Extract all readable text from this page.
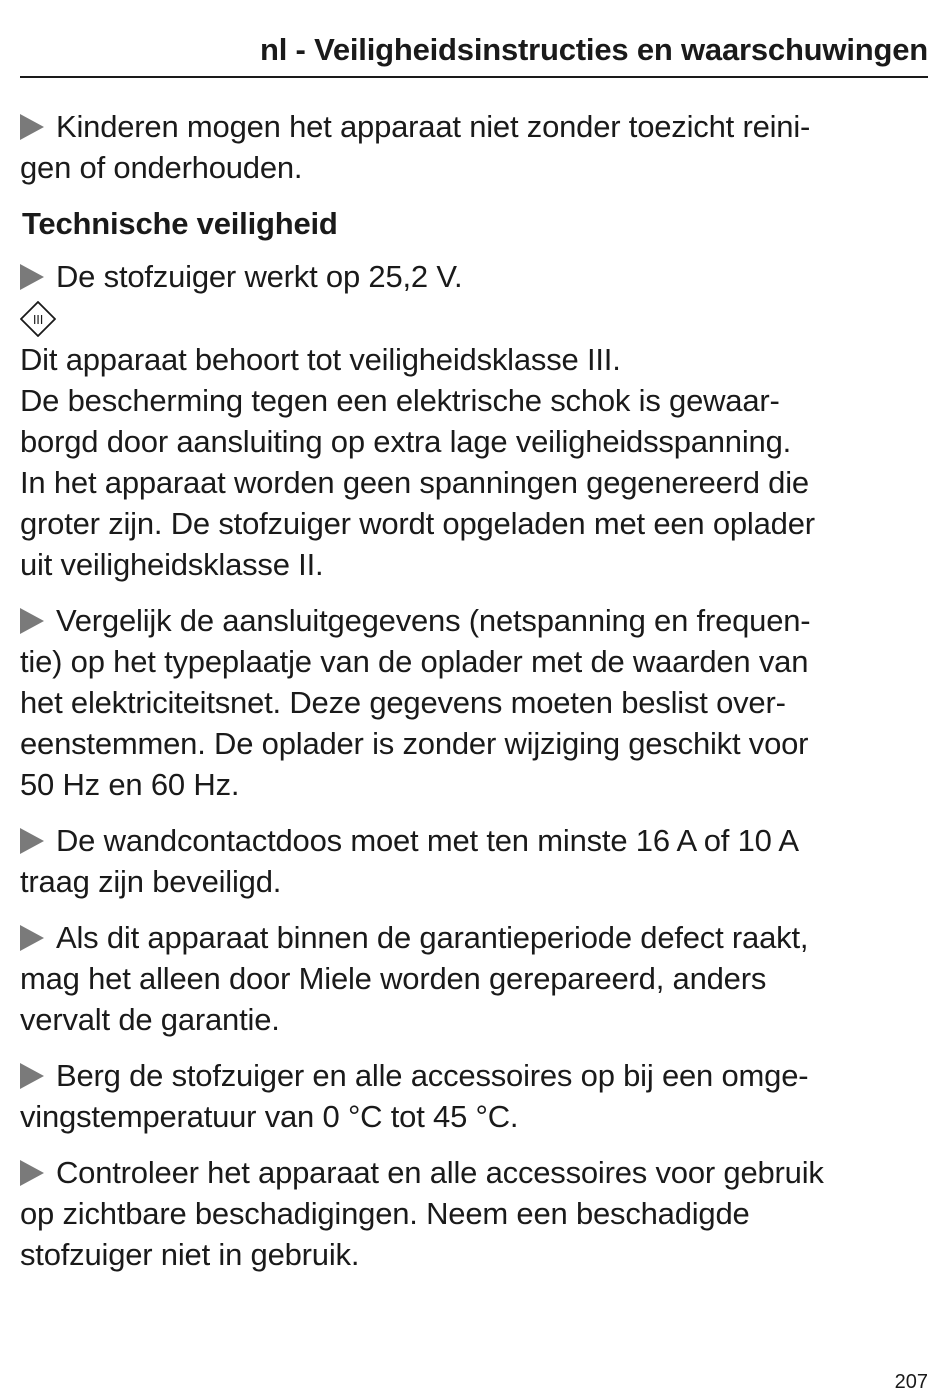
nl - Veiligheidsinstructies en waarschuwingen

Kinderen mogen het apparaat niet zonder toezicht reini-
gen of onderhouden.

Technische veiligheid

De stofzuiger werkt op 25,2 V.

III

Dit apparaat behoort tot veiligheidsklasse III.
De bescherming tegen een elektrische schok is gewaar-
borgd door aansluiting op extra lage veiligheidsspanning.
In het apparaat worden geen spanningen gegenereerd die
groter zijn. De stofzuiger wordt opgeladen met een oplader
uit veiligheidsklasse II.

Vergelijk de aansluitgegevens (netspanning en frequen-
tie) op het typeplaatje van de oplader met de waarden van
het elektriciteitsnet. Deze gegevens moeten beslist over-
eenstemmen. De oplader is zonder wijziging geschikt voor
50 Hz en 60 Hz.

De wandcontactdoos moet met ten minste 16 A of 10 A
traag zijn beveiligd.

Als dit apparaat binnen de garantieperiode defect raakt,
mag het alleen door Miele worden gerepareerd, anders
vervalt de garantie.

Berg de stofzuiger en alle accessoires op bij een omge-
vingstemperatuur van 0 °C tot 45 °C.

Controleer het apparaat en alle accessoires voor gebruik
op zichtbare beschadigingen. Neem een beschadigde
stofzuiger niet in gebruik.

207
